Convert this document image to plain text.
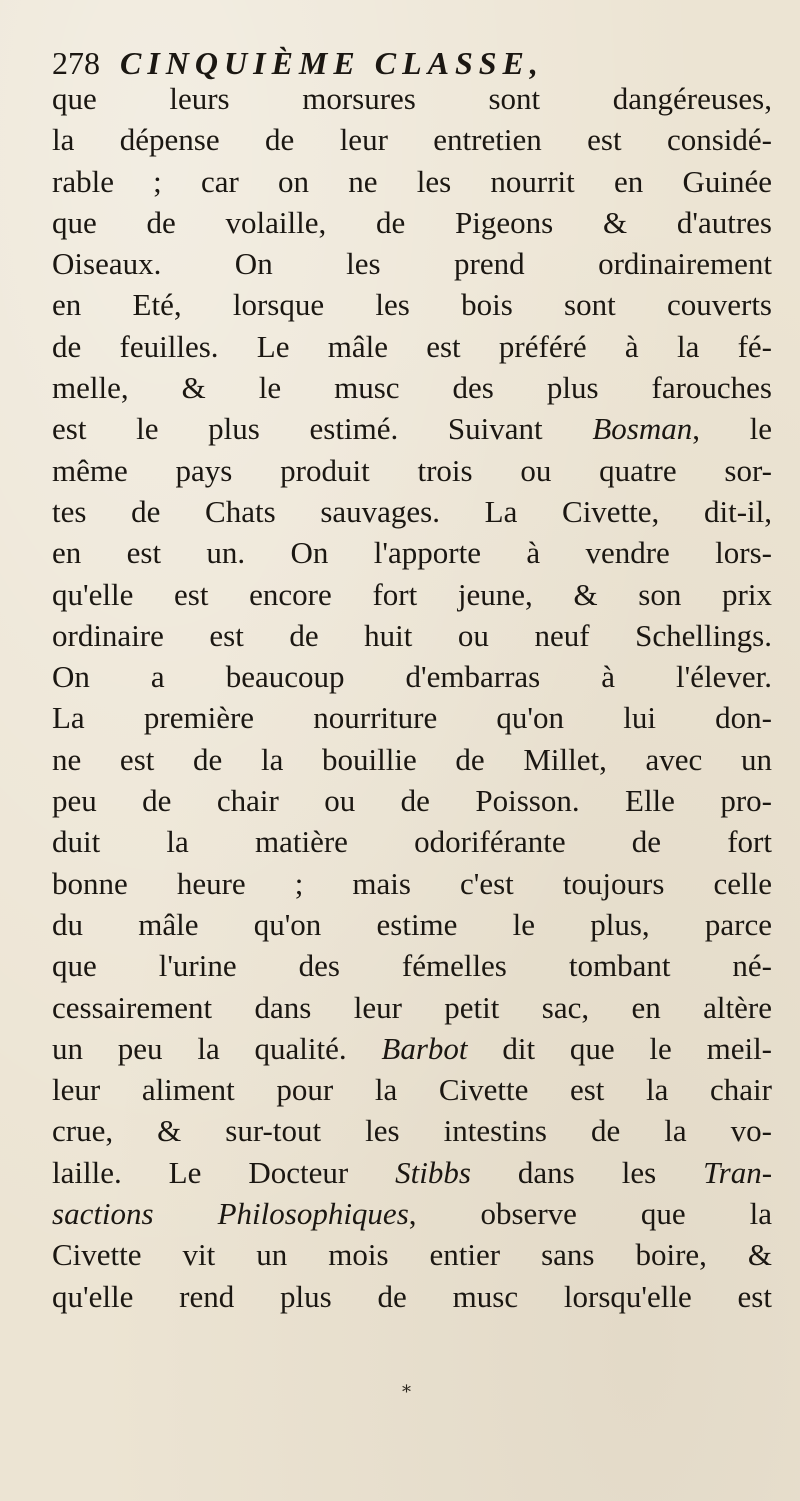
278 CINQUIÈME CLASSE,
que leurs morsures sont dangéreuses,
la dépense de leur entretien est considé-
rable ; car on ne les nourrit en Guinée
que de volaille, de Pigeons & d'autres
Oiseaux. On les prend ordinairement
en Eté, lorsque les bois sont couverts
de feuilles. Le mâle est préféré à la fé-
melle, & le musc des plus farouches
est le plus estimé. Suivant Bosman, le
même pays produit trois ou quatre sor-
tes de Chats sauvages. La Civette, dit-il,
en est un. On l'apporte à vendre lors-
qu'elle est encore fort jeune, & son prix
ordinaire est de huit ou neuf Schellings.
On a beaucoup d'embarras à l'élever.
La première nourriture qu'on lui don-
ne est de la bouillie de Millet, avec un
peu de chair ou de Poisson. Elle pro-
duit la matière odoriférante de fort
bonne heure ; mais c'est toujours celle
du mâle qu'on estime le plus, parce
que l'urine des fémelles tombant né-
cessairement dans leur petit sac, en altère
un peu la qualité. Barbot dit que le meil-
leur aliment pour la Civette est la chair
crue, & sur-tout les intestins de la vo-
laille. Le Docteur Stibbs dans les Tran-
sactions Philosophiques, observe que la
Civette vit un mois entier sans boire, &
qu'elle rend plus de musc lorsqu'elle est
⁎
